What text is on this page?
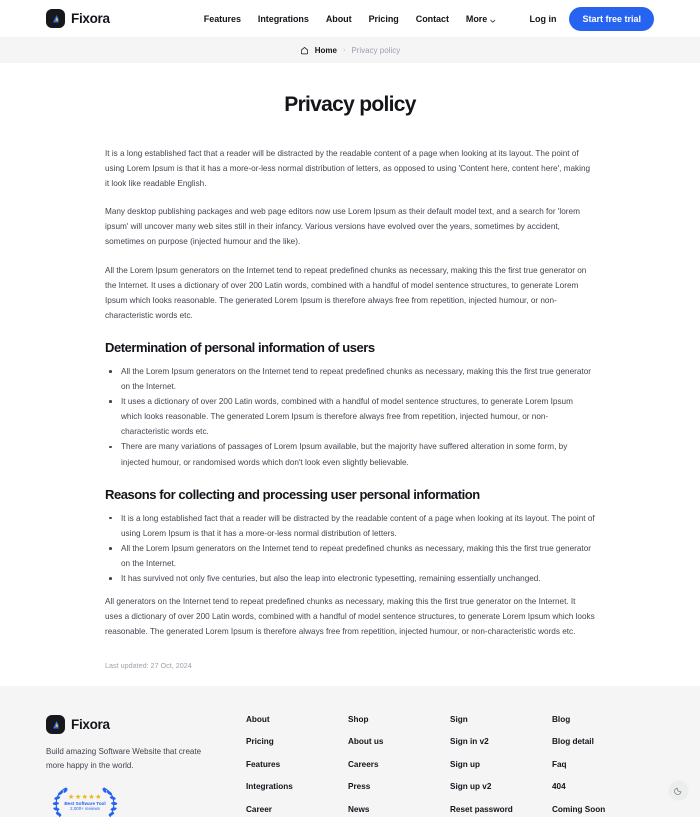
Fixora	Features Integrations About Pricing Contact More	Log in	Start free trial
Home › Privacy policy
Privacy policy

It is a long established fact that a reader will be distracted by the readable content of a page when looking at its layout. The point of using Lorem Ipsum is that it has a more-or-less normal distribution of letters, as opposed to using 'Content here, content here', making it look like readable English.

Many desktop publishing packages and web page editors now use Lorem Ipsum as their default model text, and a search for 'lorem ipsum' will uncover many web sites still in their infancy. Various versions have evolved over the years, sometimes by accident, sometimes on purpose (injected humour and the like).

All the Lorem Ipsum generators on the Internet tend to repeat predefined chunks as necessary, making this the first true generator on the Internet. It uses a dictionary of over 200 Latin words, combined with a handful of model sentence structures, to generate Lorem Ipsum which looks reasonable. The generated Lorem Ipsum is therefore always free from repetition, injected humour, or non-characteristic words etc.

Determination of personal information of users
All the Lorem Ipsum generators on the Internet tend to repeat predefined chunks as necessary, making this the first true generator on the Internet.
It uses a dictionary of over 200 Latin words, combined with a handful of model sentence structures, to generate Lorem Ipsum which looks reasonable. The generated Lorem Ipsum is therefore always free from repetition, injected humour, or non-characteristic words etc.
There are many variations of passages of Lorem Ipsum available, but the majority have suffered alteration in some form, by injected humour, or randomised words which don't look even slightly believable.
Reasons for collecting and processing user personal information
It is a long established fact that a reader will be distracted by the readable content of a page when looking at its layout. The point of using Lorem Ipsum is that it has a more-or-less normal distribution of letters.
All the Lorem Ipsum generators on the Internet tend to repeat predefined chunks as necessary, making this the first true generator on the Internet.
It has survived not only five centuries, but also the leap into electronic typesetting, remaining essentially unchanged.

All generators on the Internet tend to repeat predefined chunks as necessary, making this the first true generator on the Internet. It uses a dictionary of over 200 Latin words, combined with a handful of model sentence structures, to generate Lorem Ipsum which looks reasonable. The generated Lorem Ipsum is therefore always free from repetition, injected humour, or non-characteristic words etc.

Last updated: 27 Oct, 2024
Fixora
Build amazing Software Website that create more happy in the world.
★★★★★
Best Software Tool
2,000+ reviews
About
Pricing
Features
Integrations
Career
Shop
About us
Careers
Press
News
Sign
Sign in v2
Sign up
Sign up v2
Reset password
Blog
Blog detail
Faq
404
Coming Soon
